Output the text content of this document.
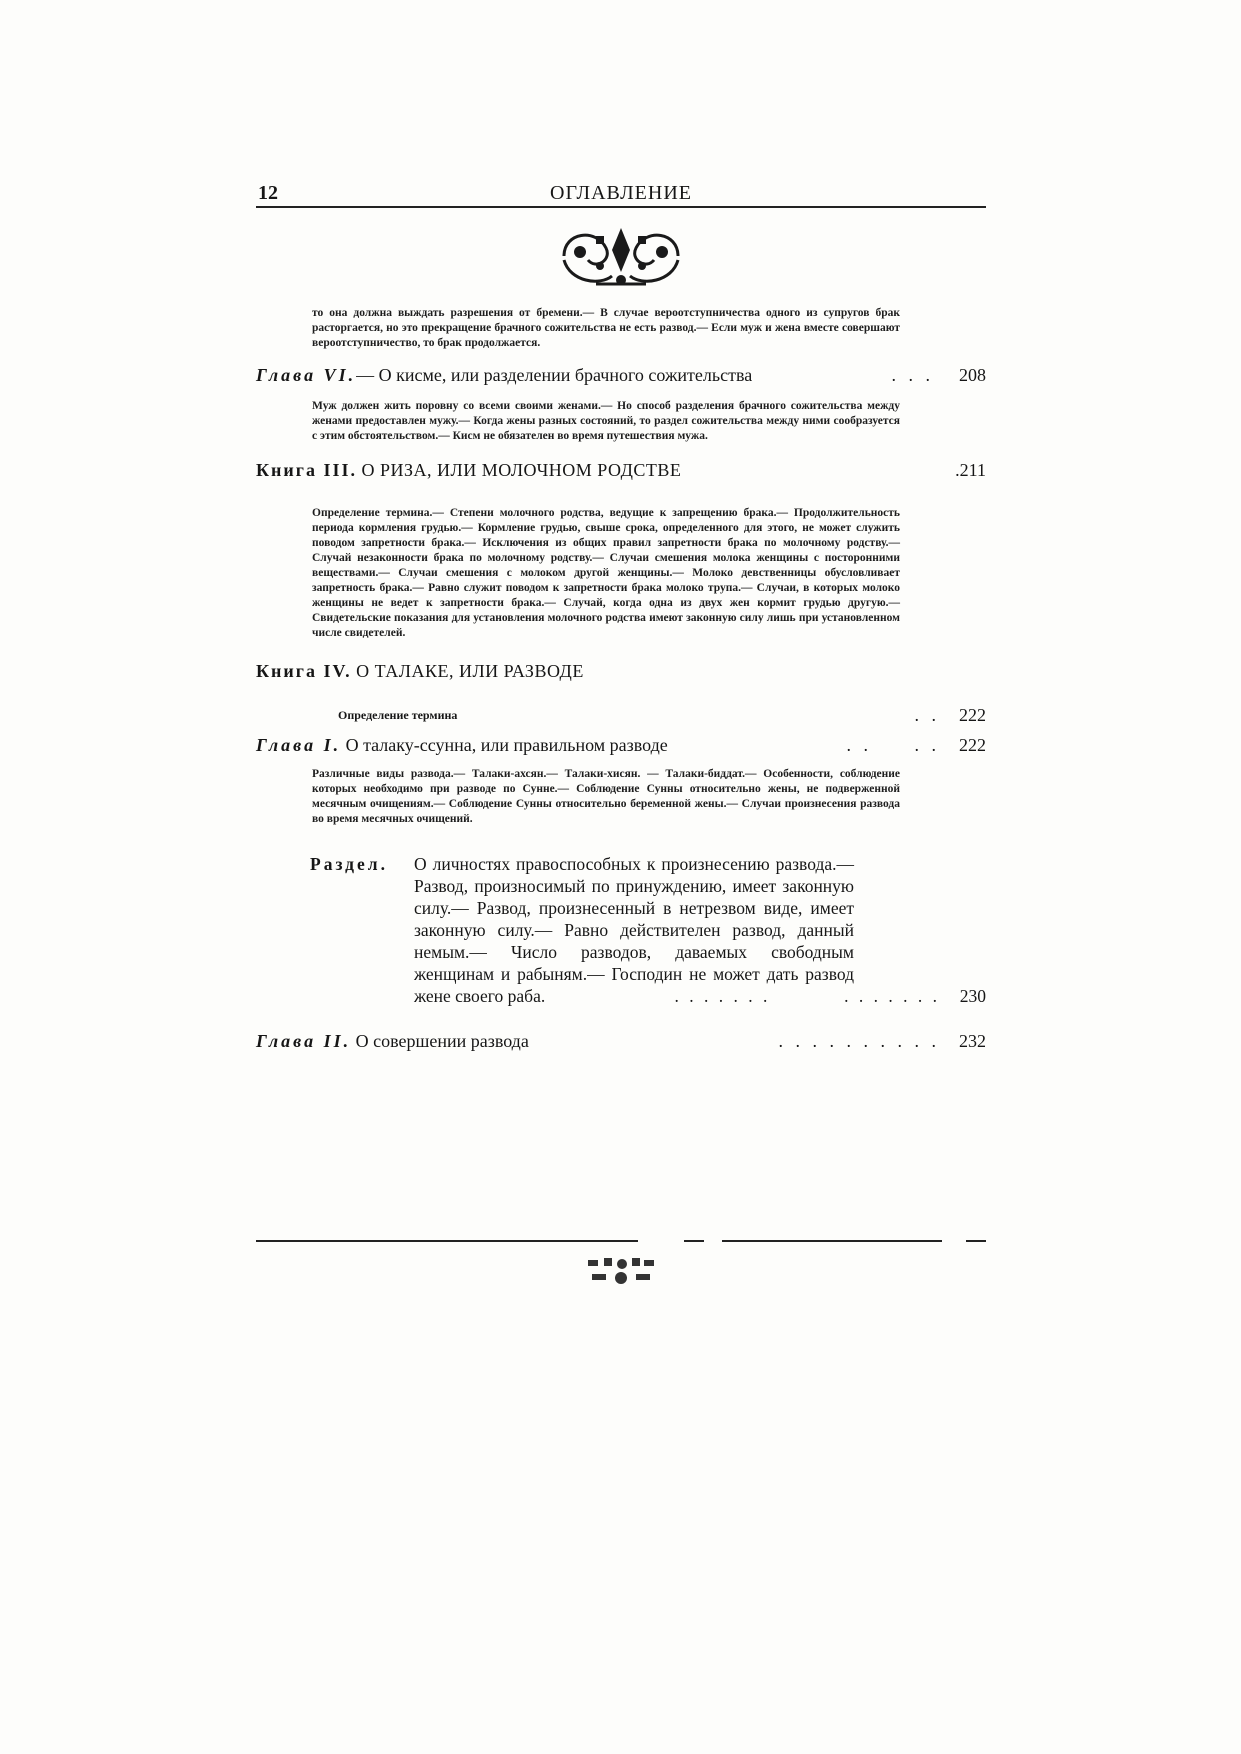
12	ОГЛАВЛЕНИЕ

то она должна выждать разрешения от бремени.— В случае вероотступничества одного из супругов брак расторгается, но это прекращение брачного сожительства не есть развод.— Если муж и жена вместе совершают вероотступничество, то брак продолжается.

Глава VI.— О кисме, или разделении брачного сожительства	. . . 208

Муж должен жить поровну со всеми своими женами.— Но способ разделения брачного сожительства между женами предоставлен мужу.— Когда жены разных состояний, то раздел сожительства между ними сообразуется с этим обстоятельством.— Кисм не обязателен во время путешествия мужа.

Книга III. О РИЗА, ИЛИ МОЛОЧНОМ РОДСТВЕ	.211

Определение термина.— Степени молочного родства, ведущие к запрещению брака.— Продолжительность периода кормления грудью.— Кормление грудью, свыше срока, определенного для этого, не может служить поводом запретности брака.— Исключения из общих правил запретности брака по молочному родству.— Случай незаконности брака по молочному родству.— Случаи смешения молока женщины с посторонними веществами.— Случаи смешения с молоком другой женщины.— Молоко девственницы обусловливает запретность брака.— Равно служит поводом к запретности брака молоко трупа.— Случаи, в которых молоко женщины не ведет к запретности брака.— Случай, когда одна из двух жен кормит грудью другую.— Свидетельские показания для установления молочного родства имеют законную силу лишь при установленном числе свидетелей.

Книга IV. О ТАЛАКЕ, ИЛИ РАЗВОДЕ
Определение термина	. . 222
Глава I. О талаку-ссунна, или правильном разводе	. .     . . 222

Различные виды развода.— Талаки-ахсян.— Талаки-хисян. — Талаки-биддат.— Особенности, соблюдение которых необходимо при разводе по Сунне.— Соблюдение Сунны относительно жены, не подверженной месячным очищениям.— Соблюдение Сунны относительно беременной жены.— Случаи произнесения развода во время месячных очищений.

Раздел. О личностях правоспособных к произнесению развода.— Развод, произносимый по принуждению, имеет законную силу.— Развод, произнесенный в нетрезвом виде, имеет законную силу.— Равно действителен развод, данный немым.— Число разводов, даваемых свободным женщинам и рабыням.— Господин не может дать развод жене своего раба.	. . . . . . .          . . . . . . . 230
Глава II. О совершении развода	. . . . . . . . . . 232
